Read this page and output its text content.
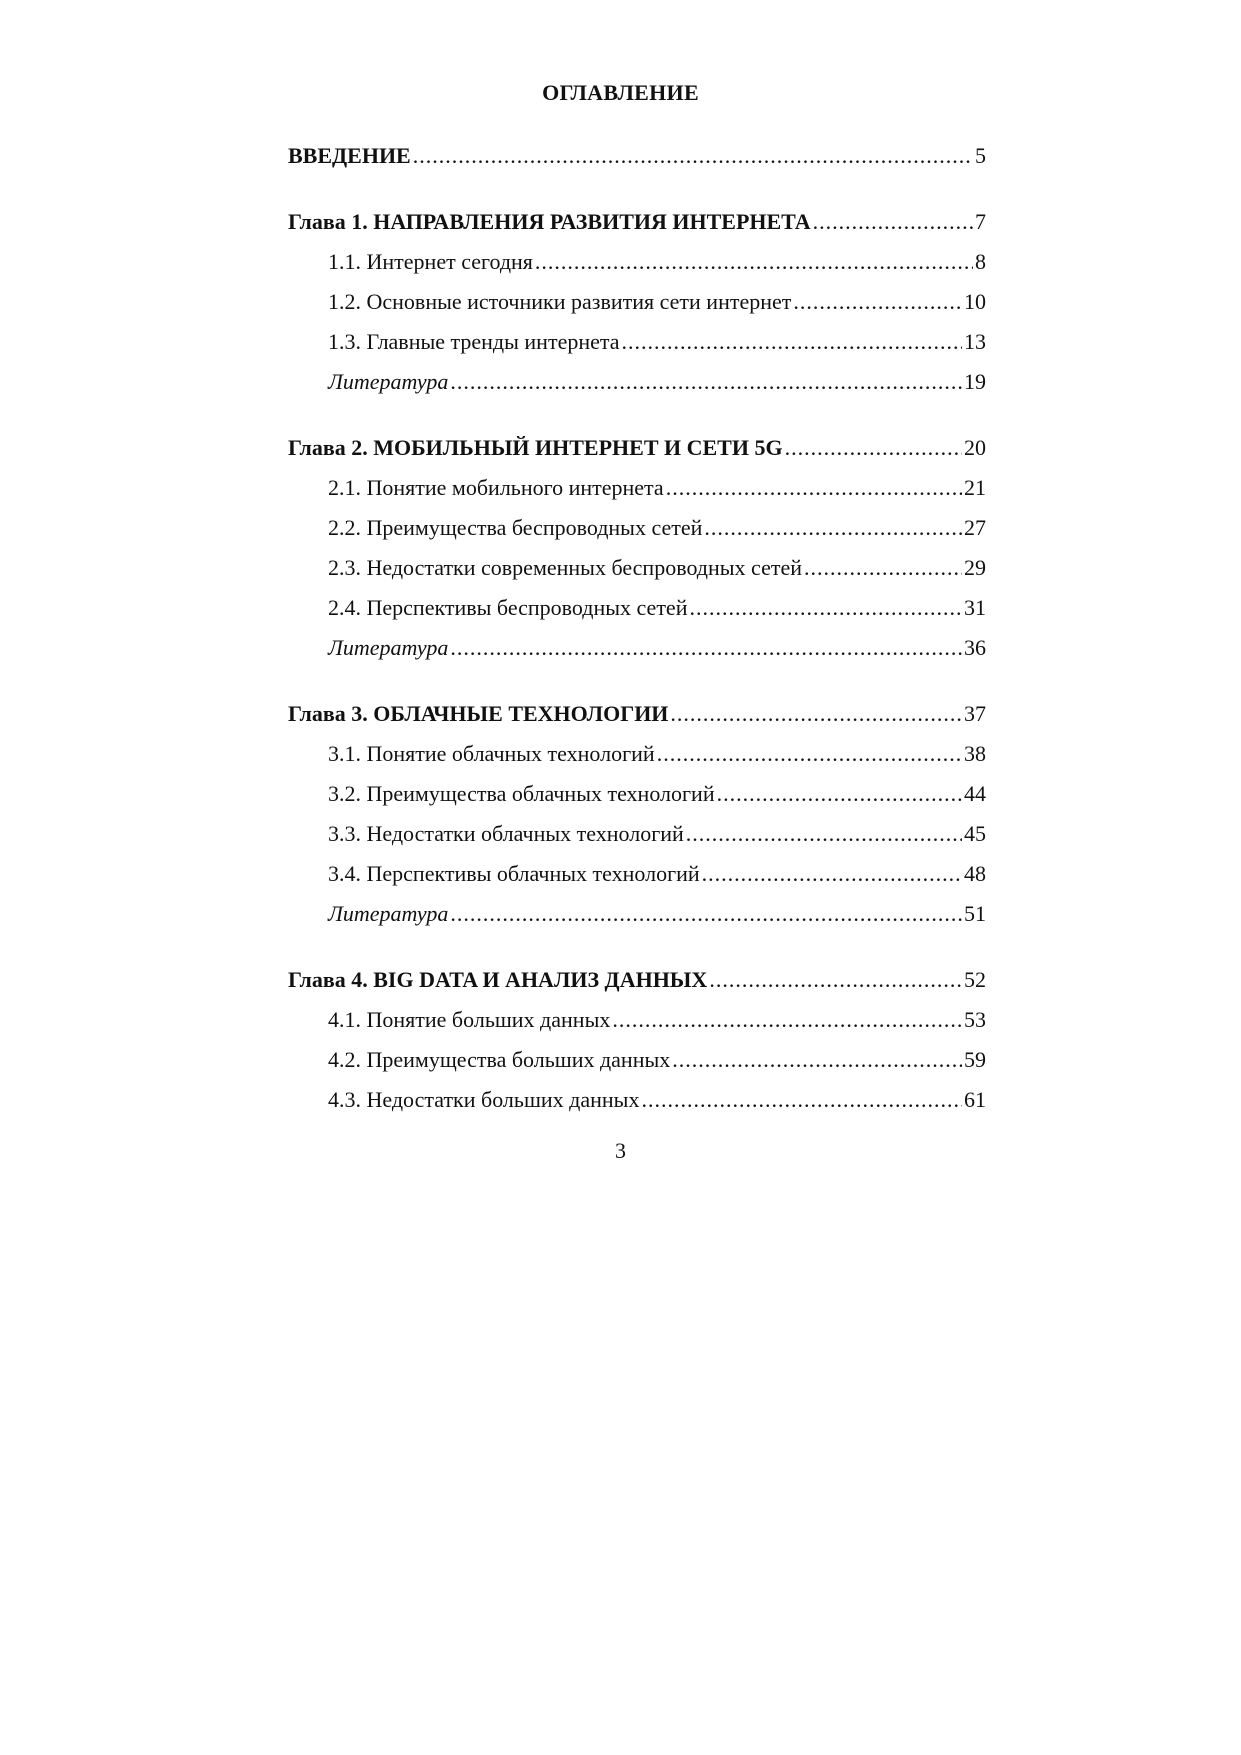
ОГЛАВЛЕНИЕ
ВВЕДЕНИЕ .....	5
Глава 1. НАПРАВЛЕНИЯ РАЗВИТИЯ ИНТЕРНЕТА .....	7
1.1. Интернет сегодня .....	8
1.2. Основные источники развития сети интернет .....	10
1.3. Главные тренды интернета .....	13
Литература .....	19
Глава 2. МОБИЛЬНЫЙ ИНТЕРНЕТ И СЕТИ 5G .....	20
2.1. Понятие мобильного интернета .....	21
2.2. Преимущества беспроводных сетей .....	27
2.3. Недостатки современных беспроводных сетей .....	29
2.4. Перспективы беспроводных сетей .....	31
Литература .....	36
Глава 3. ОБЛАЧНЫЕ ТЕХНОЛОГИИ .....	37
3.1. Понятие облачных технологий .....	38
3.2. Преимущества облачных технологий .....	44
3.3. Недостатки облачных технологий .....	45
3.4. Перспективы облачных технологий .....	48
Литература .....	51
Глава 4. BIG DATA И АНАЛИЗ ДАННЫХ .....	52
4.1. Понятие больших данных .....	53
4.2. Преимущества больших данных .....	59
4.3. Недостатки больших данных .....	61
3
